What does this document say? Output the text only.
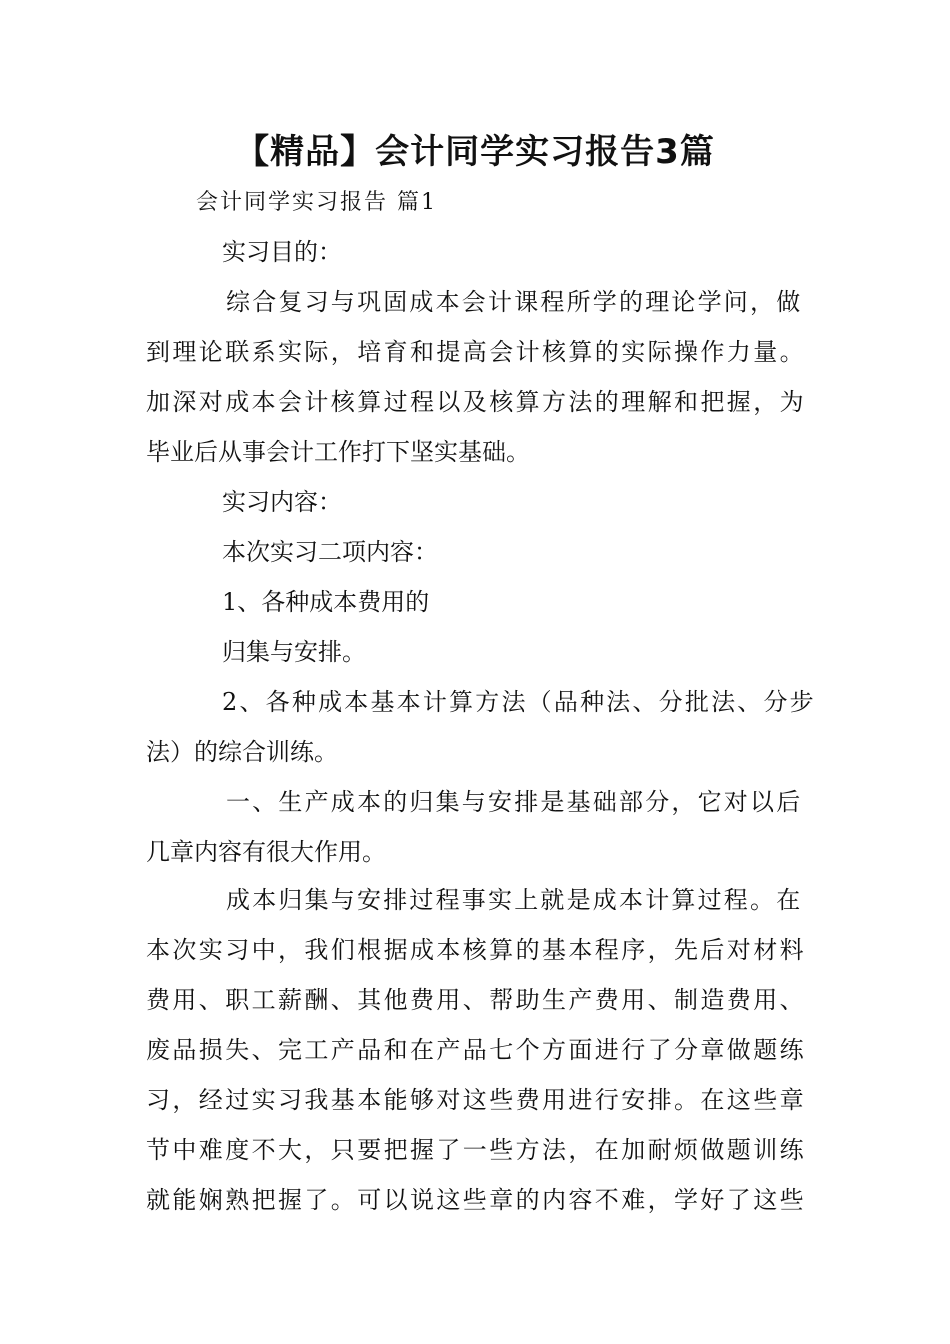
【精品】会计同学实习报告3篇
会计同学实习报告 篇1
实习目的：
综合复习与巩固成本会计课程所学的理论学问，做
到理论联系实际，培育和提高会计核算的实际操作力量。
加深对成本会计核算过程以及核算方法的理解和把握，为
毕业后从事会计工作打下坚实基础。
实习内容：
本次实习二项内容：
1、各种成本费用的
归集与安排。
2、各种成本基本计算方法（品种法、分批法、分步
法）的综合训练。
一、生产成本的归集与安排是基础部分，它对以后
几章内容有很大作用。
成本归集与安排过程事实上就是成本计算过程。在
本次实习中，我们根据成本核算的基本程序，先后对材料
费用、职工薪酬、其他费用、帮助生产费用、制造费用、
废品损失、完工产品和在产品七个方面进行了分章做题练
习，经过实习我基本能够对这些费用进行安排。在这些章
节中难度不大，只要把握了一些方法，在加耐烦做题训练
就能娴熟把握了。可以说这些章的内容不难，学好了这些
